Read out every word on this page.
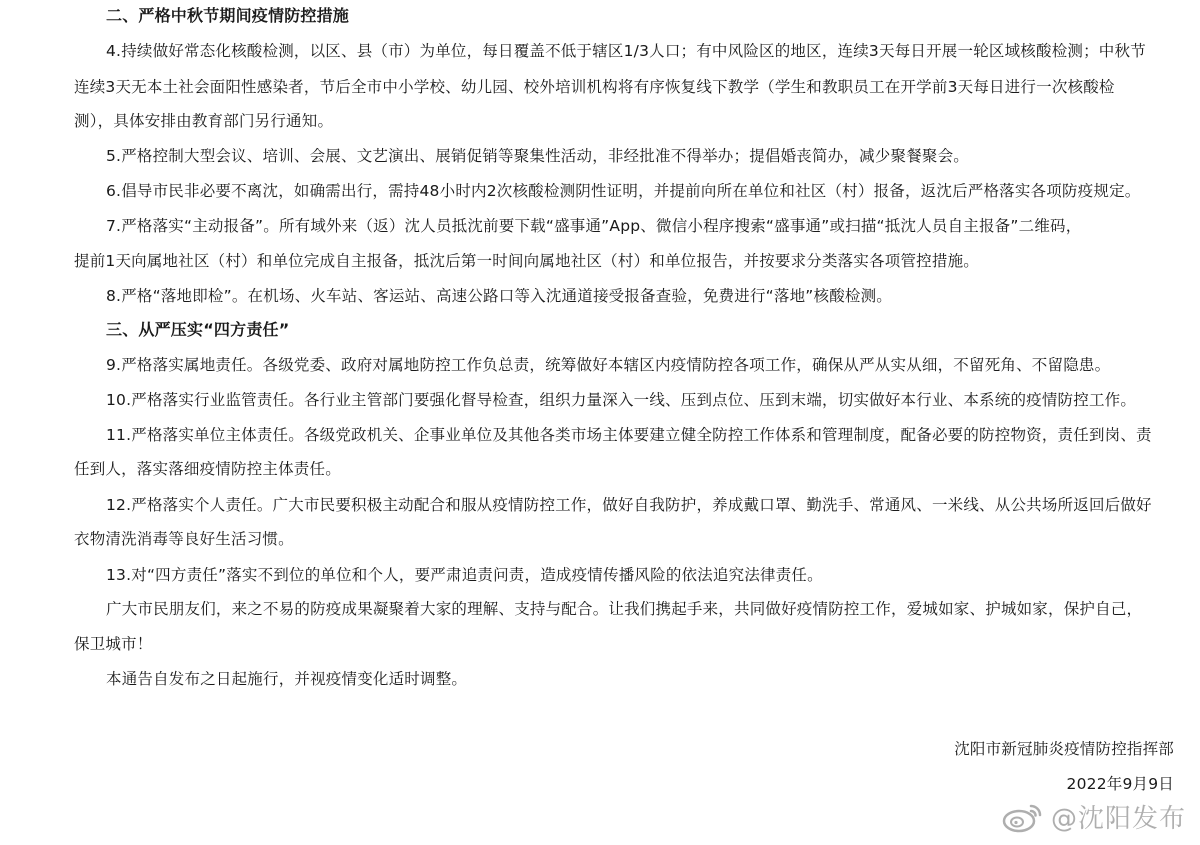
二、严格中秋节期间疫情防控措施
4.持续做好常态化核酸检测，以区、县（市）为单位，每日覆盖不低于辖区1/3人口；有中风险区的地区，连续3天每日开展一轮区域核酸检测；中秋节
连续3天无本土社会面阳性感染者，节后全市中小学校、幼儿园、校外培训机构将有序恢复线下教学（学生和教职员工在开学前3天每日进行一次核酸检
测），具体安排由教育部门另行通知。
5.严格控制大型会议、培训、会展、文艺演出、展销促销等聚集性活动，非经批准不得举办；提倡婚丧简办，减少聚餐聚会。
6.倡导市民非必要不离沈，如确需出行，需持48小时内2次核酸检测阴性证明，并提前向所在单位和社区（村）报备，返沈后严格落实各项防疫规定。
7.严格落实“主动报备”。所有域外来（返）沈人员抵沈前要下载“盛事通”App、微信小程序搜索“盛事通”或扫描“抵沈人员自主报备”二维码，
提前1天向属地社区（村）和单位完成自主报备，抵沈后第一时间向属地社区（村）和单位报告，并按要求分类落实各项管控措施。
8.严格“落地即检”。在机场、火车站、客运站、高速公路口等入沈通道接受报备查验，免费进行“落地”核酸检测。
三、从严压实“四方责任”
9.严格落实属地责任。各级党委、政府对属地防控工作负总责，统筹做好本辖区内疫情防控各项工作，确保从严从实从细，不留死角、不留隐患。
10.严格落实行业监管责任。各行业主管部门要强化督导检查，组织力量深入一线、压到点位、压到末端，切实做好本行业、本系统的疫情防控工作。
11.严格落实单位主体责任。各级党政机关、企事业单位及其他各类市场主体要建立健全防控工作体系和管理制度，配备必要的防控物资，责任到岗、责
任到人，落实落细疫情防控主体责任。
12.严格落实个人责任。广大市民要积极主动配合和服从疫情防控工作，做好自我防护，养成戴口罩、勤洗手、常通风、一米线、从公共场所返回后做好
衣物清洗消毒等良好生活习惯。
13.对“四方责任”落实不到位的单位和个人，要严肃追责问责，造成疫情传播风险的依法追究法律责任。
广大市民朋友们，来之不易的防疫成果凝聚着大家的理解、支持与配合。让我们携起手来，共同做好疫情防控工作，爱城如家、护城如家，保护自己，
保卫城市！
本通告自发布之日起施行，并视疫情变化适时调整。
沈阳市新冠肺炎疫情防控指挥部
2022年9月9日
@沈阳发布
